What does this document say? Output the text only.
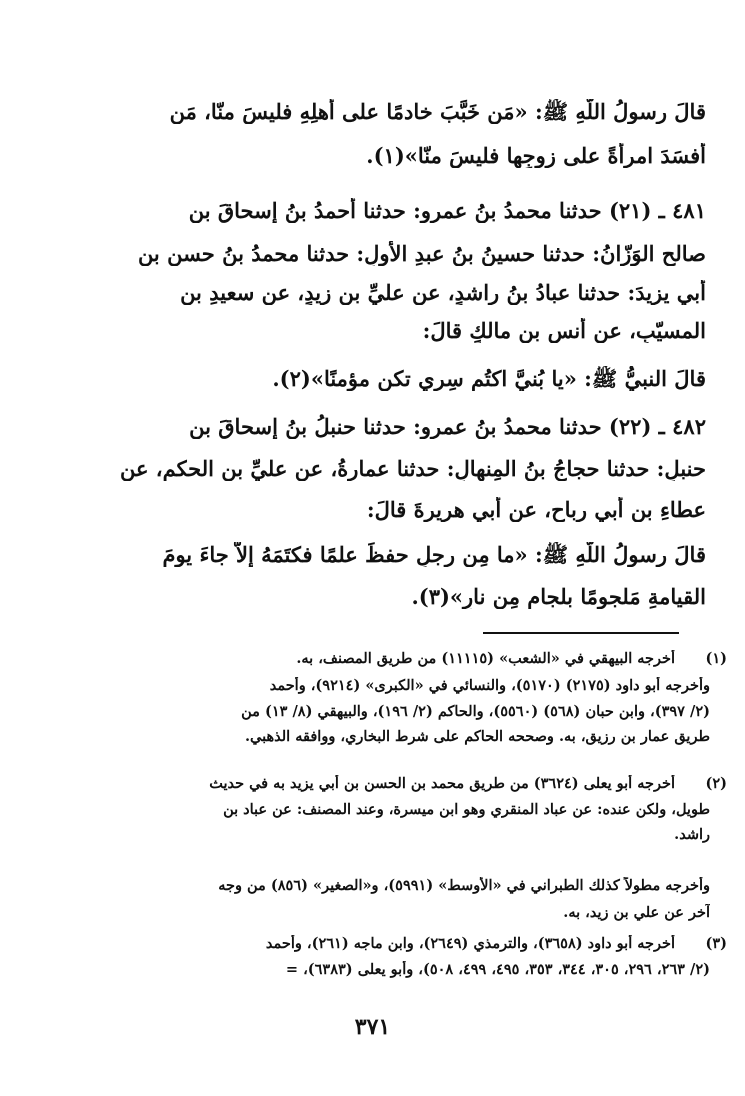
قالَ رسولُ اللّهِ ﷺ: «مَن خَبَّبَ خادمًا على أهلِهِ فليسَ منّا، مَن
أفسَدَ امرأةً على زوجِها فليسَ منّا»(١).
٤٨١ ـ (٢١) حدثنا محمدُ بنُ عمرو: حدثنا أحمدُ بنُ إسحاقَ بنِ
صالحٍ الوَزّانُ: حدثنا حسينُ بنُ عبدِ الأولِ: حدثنا محمدُ بنُ حسنِ بنِ
أبي يزيدَ: حدثنا عبادُ بنُ راشدٍ، عن عليِّ بنِ زيدٍ، عن سعيدِ بنِ
المسيّبِ، عن أنسِ بنِ مالكٍ قالَ:
قالَ النبيُّ ﷺ: «يا بُنيَّ اكتُم سِري تكن مؤمنًا»(٢).
٤٨٢ ـ (٢٢) حدثنا محمدُ بنُ عمرو: حدثنا حنبلُ بنُ إسحاقَ بنِ
حنبلٍ: حدثنا حجاجُ بنُ المِنهالِ: حدثنا عمارةُ، عن عليِّ بنِ الحكمِ، عن
عطاءِ بنِ أبي رباحٍ، عن أبي هريرةَ قالَ:
قالَ رسولُ اللّهِ ﷺ: «ما مِن رجلٍ حفظَ علمًا فكتَمَهُ إلاّ جاءَ يومَ
القيامةِ مَلجومًا بلجامٍ مِن نارٍ»(٣).
(١)
(٢)
(٣)
أخرجه البيهقي في «الشعب» (١١١١٥) من طريق المصنف، به.
وأخرجه أبو داود (٢١٧٥) (٥١٧٠)، والنسائي في «الكبرى» (٩٢١٤)، وأحمد
(٢/ ٣٩٧)، وابن حبان (٥٦٨) (٥٥٦٠)، والحاكم (٢/ ١٩٦)، والبيهقي (٨/ ١٣) من
طريق عمار بن رزيق، به. وصححه الحاكم على شرط البخاري، ووافقه الذهبي.
أخرجه أبو يعلى (٣٦٢٤) من طريق محمد بن الحسن بن أبي يزيد به في حديث
طويل، ولكن عنده: عن عباد المنقري وهو ابن ميسرة، وعند المصنف: عن عباد بن
راشد.
وأخرجه مطولاً كذلك الطبراني في «الأوسط» (٥٩٩١)، و«الصغير» (٨٥٦) من وجه
آخر عن علي بن زيد، به.
أخرجه أبو داود (٣٦٥٨)، والترمذي (٢٦٤٩)، وابن ماجه (٢٦١)، وأحمد
(٢/ ٢٦٣، ٢٩٦، ٣٠٥، ٣٤٤، ٣٥٣، ٤٩٥، ٤٩٩، ٥٠٨)، وأبو يعلى (٦٣٨٣)، =
٣٧١
